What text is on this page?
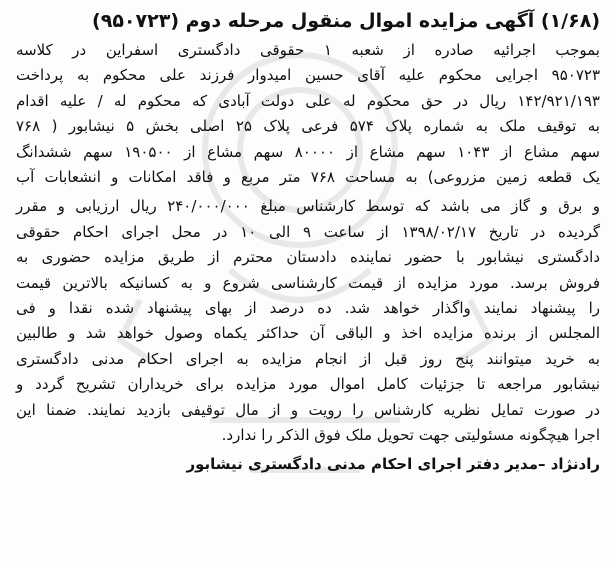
(۱/۶۸) آگهی مزایده اموال منقول مرحله دوم (۹۵۰۷۲۳)

بموجب اجرائیه صادره از شعبه ۱ حقوقی دادگستری اسفراین در کلاسه

۹۵۰۷۲۳ اجرایی محکوم علیه آقای حسین امیدوار فرزند علی محکوم به پرداخت

۱۴۲/۹۲۱/۱۹۳ ریال در حق محکوم له علی دولت آبادی که محکوم له / علیه اقدام

به توقیف ملک به شماره پلاک ۵۷۴ فرعی پلاک ۲۵ اصلی بخش ۵ نیشابور ( ۷۶۸

سهم مشاع از ۱۰۴۳ سهم مشاع از ۸۰۰۰۰ سهم مشاع از ۱۹۰۵۰۰ سهم ششدانگ

یک قطعه زمین مزروعی) به مساحت ۷۶۸ متر مربع و فاقد امکانات و انشعابات آب

و برق و گاز می باشد که توسط کارشناس مبلغ ۲۴۰/۰۰۰/۰۰۰ ریال ارزیابی و مقرر

گردیده در تاریخ ۱۳۹۸/۰۲/۱۷ از ساعت ۹ الی ۱۰ در محل اجرای احکام حقوقی

دادگستری نیشابور با حضور نماینده دادستان محترم از طریق مزایده حضوری به

فروش برسد. مورد مزایده از قیمت کارشناسی شروع و به کسانیکه بالاترین قیمت

را پیشنهاد نمایند واگذار خواهد شد. ده درصد از بهای پیشنهاد شده نقدا و فی

المجلس از برنده مزایده اخذ و الباقی آن حداکثر یکماه وصول خواهد شد و طالبین

به خرید میتوانند پنج روز قبل از انجام مزایده به اجرای احکام مدنی دادگستری

نیشابور مراجعه تا جزئیات کامل اموال مورد مزایده برای خریداران تشریح گردد و

در صورت تمایل نظریه کارشناس را رویت و از مال توقیفی بازدید نمایند. ضمنا این

اجرا هیچگونه مسئولیتی جهت تحویل ملک فوق الذکر را ندارد.

رادنژاد –مدیر دفتر اجرای احکام مدنی دادگستری نیشابور
